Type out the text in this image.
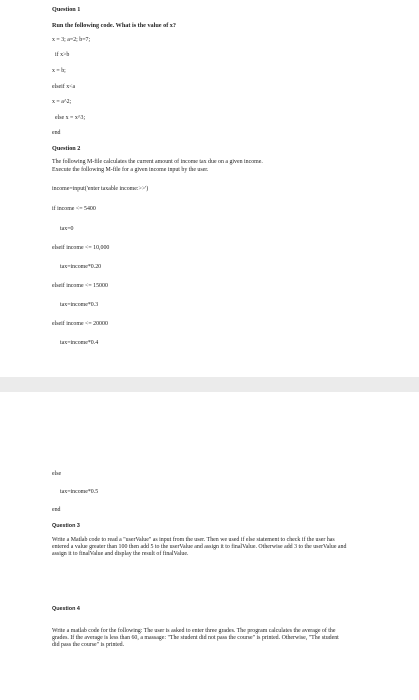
Question 1
Run the following code. What is the value of x?
x = 3; a=2; b=7;
if x>b
x = b;
elseif x<a
x = a^2;
else x = x^3;
end
Question 2
The following M-file calculates the current amount of income tax due on a given income.
Execute the following M-file for a given income input by the user.
income=input('enter taxable income:>>')
if income <= 5400
tax=0
elseif income <= 10,000
tax=income*0.20
elseif income <= 15000
tax=income*0.3
elseif income <= 20000
tax=income*0.4
else
tax=income*0.5
end
Question 3
Write a Matlab code to read a "userValue" as input from the user. Then we used if else statement to check if the user has entered a value greater than 100 then add 5 to the userValue and assign it to finalValue. Otherwise add 3 to the userValue and assign it to finalValue and display the result of finalValue.
Question 4
Write a matlab code for the following: The user is asked to enter three grades. The program calculates the average of the grades. If the average is less than 60, a massage: "The student did not pass the course" is printed. Otherwise, "The student did pass the course" is printed.
